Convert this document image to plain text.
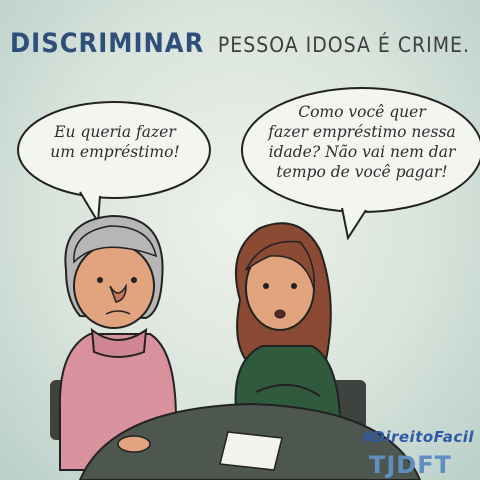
DISCRIMINAR PESSOA IDOSA É CRIME.
Eu queria fazer
um empréstimo!
Como você quer
fazer empréstimo nessa
idade? Não vai nem dar
tempo de você pagar!
#DireitoFacil
TJDFT
